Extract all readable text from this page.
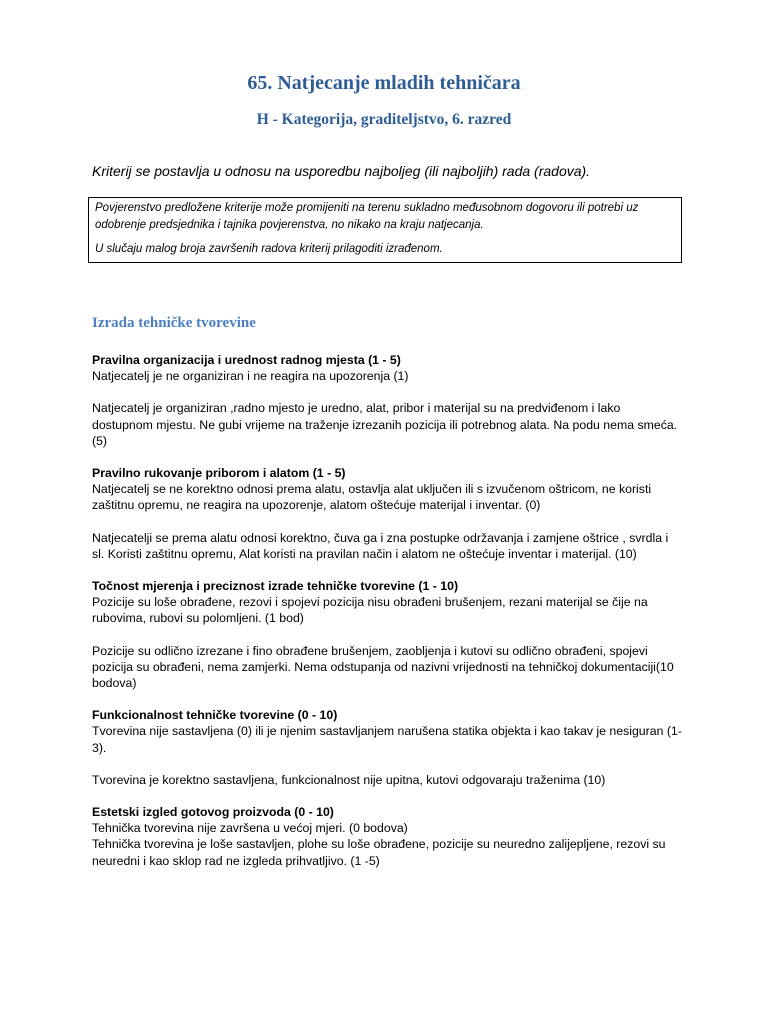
65. Natjecanje mladih tehničara
H - Kategorija, graditeljstvo, 6. razred

Kriterij se postavlja u odnosu na usporedbu najboljeg (ili najboljih) rada (radova).

Povjerenstvo predložene kriterije može promijeniti na terenu sukladno međusobnom dogovoru ili potrebi uz odobrenje predsjednika i tajnika povjerenstva, no nikako na kraju natjecanja.

U slučaju malog broja završenih radova kriterij prilagoditi izrađenom.

Izrada tehničke tvorevine
Pravilna organizacija i urednost radnog mjesta (1 - 5)

Natjecatelj je ne organiziran i ne reagira na upozorenja (1)

Natjecatelj je organiziran ,radno mjesto je uredno, alat, pribor i materijal su na predviđenom i lako dostupnom mjestu. Ne gubi vrijeme na traženje izrezanih pozicija ili potrebnog alata. Na podu nema smeća. (5)

Pravilno rukovanje priborom i alatom (1 - 5)

Natjecatelj se ne korektno odnosi prema alatu, ostavlja alat uključen ili s izvučenom oštricom, ne koristi zaštitnu opremu, ne reagira na upozorenje, alatom oštećuje materijal i inventar. (0)

Natjecatelji se prema alatu odnosi korektno, čuva ga i zna postupke održavanja i zamjene oštrice , svrdla i sl. Koristi zaštitnu opremu, Alat koristi na pravilan način i alatom ne oštećuje inventar i materijal. (10)

Točnost mjerenja i preciznost izrade tehničke tvorevine (1 - 10)

Pozicije su loše obrađene, rezovi i spojevi pozicija nisu obrađeni brušenjem, rezani materijal se čije na rubovima, rubovi su polomljeni. (1 bod)

Pozicije su odlično izrezane i fino obrađene brušenjem, zaobljenja i kutovi su odlično obrađeni, spojevi pozicija su obrađeni, nema zamjerki. Nema odstupanja od nazivni vrijednosti na tehničkoj dokumentaciji(10 bodova)

Funkcionalnost tehničke tvorevine (0 - 10)

Tvorevina nije sastavljena (0) ili je njenim sastavljanjem narušena statika objekta i kao takav je nesiguran (1-3).

Tvorevina je korektno sastavljena, funkcionalnost nije upitna, kutovi odgovaraju traženima (10)

Estetski izgled gotovog proizvoda (0 - 10)

Tehnička tvorevina nije završena u većoj mjeri. (0 bodova)

Tehnička tvorevina je loše sastavljen, plohe su loše obrađene, pozicije su neuredno zalijepljene, rezovi su neuredni i kao sklop rad ne izgleda prihvatljivo. (1 -5)
